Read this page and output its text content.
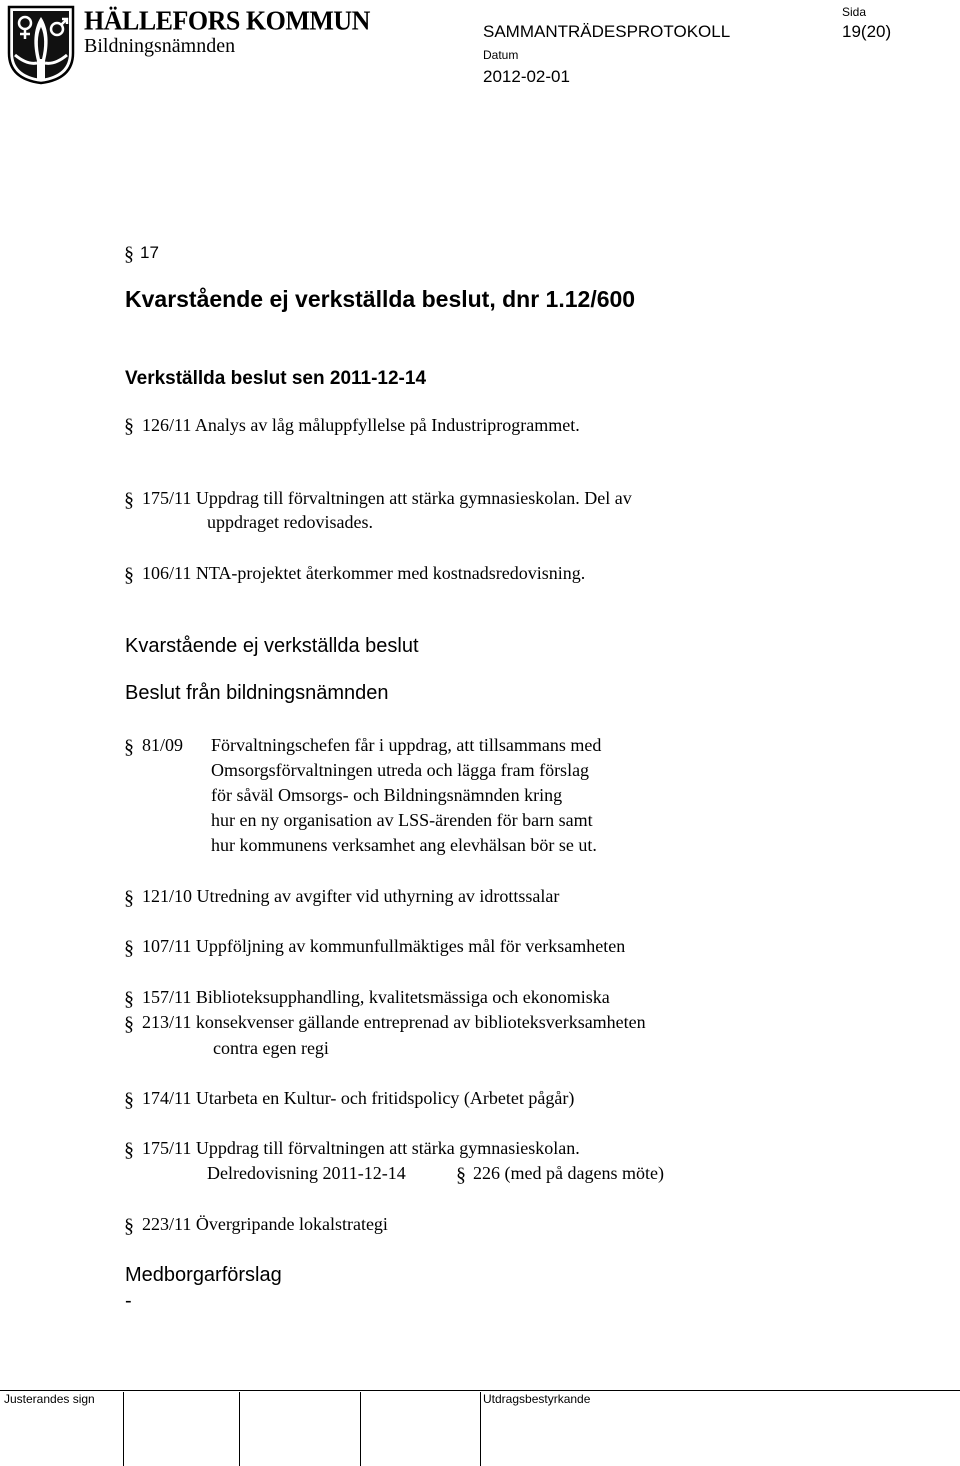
HÄLLEFORS KOMMUN
Bildningsnämnden
SAMMANTRÄDESPROTOKOLL
Sida
19(20)
Datum
2012-02-01
§ 17
Kvarstående ej verkställda beslut, dnr 1.12/600
Verkställda beslut sen 2011-12-14
§ 126/11 Analys av låg måluppfyllelse på Industriprogrammet.
§ 175/11 Uppdrag till förvaltningen att stärka gymnasieskolan. Del av
uppdraget redovisades.
§ 106/11 NTA-projektet återkommer med kostnadsredovisning.
Kvarstående ej verkställda beslut
Beslut från bildningsnämnden
§ 81/09 Förvaltningschefen får i uppdrag, att tillsammans med
Omsorgsförvaltningen utreda och lägga fram förslag
för såväl Omsorgs- och Bildningsnämnden kring
hur en ny organisation av LSS-ärenden för barn samt
hur kommunens verksamhet ang elevhälsan bör se ut.
§ 121/10 Utredning av avgifter vid uthyrning av idrottssalar
§ 107/11 Uppföljning av kommunfullmäktiges mål för verksamheten
§ 157/11 Biblioteksupphandling, kvalitetsmässiga och ekonomiska
§ 213/11 konsekvenser gällande entreprenad av biblioteksverksamheten
contra egen regi
§ 174/11 Utarbeta en Kultur- och fritidspolicy (Arbetet pågår)
§ 175/11 Uppdrag till förvaltningen att stärka gymnasieskolan.
Delredovisning 2011-12-14	§ 226 (med på dagens möte)
§ 223/11 Övergripande lokalstrategi
Medborgarförslag
-
Justerandes sign	Utdragsbestyrkande
